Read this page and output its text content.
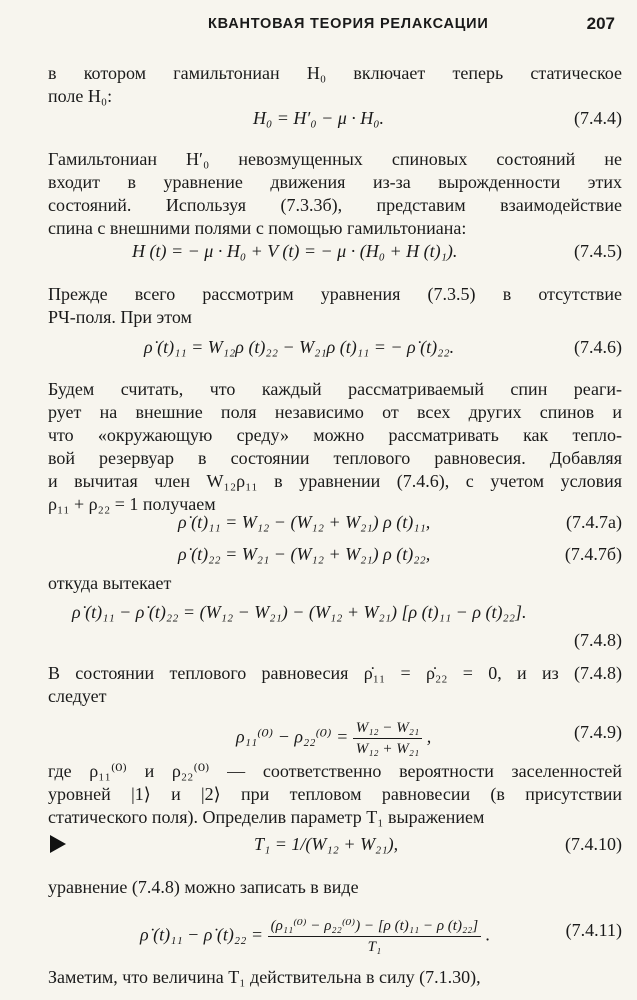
КВАНТОВАЯ ТЕОРИЯ РЕЛАКСАЦИИ	207
в котором гамильтониан H₀ включает теперь статическое
поле H₀:
H₀ = H′₀ − μ · H₀.	(7.4.4)
Гамильтониан H′₀ невозмущенных спиновых состояний не
входит в уравнение движения из-за вырожденности этих
состояний. Используя (7.3.3б), представим взаимодействие
спина с внешними полями с помощью гамильтониана:
H (t) = − μ · H₀ + V (t) = − μ · (H₀ + H (t)₁).	(7.4.5)
Прежде всего рассмотрим уравнения (7.3.5) в отсутствие
РЧ-поля. При этом
ρ̇ (t)₁₁ = W₁₂ρ (t)₂₂ − W₂₁ρ (t)₁₁ = − ρ̇ (t)₂₂.	(7.4.6)
Будем считать, что каждый рассматриваемый спин реаги-
рует на внешние поля независимо от всех других спинов и
что «окружающую среду» можно рассматривать как тепло-
вой резервуар в состоянии теплового равновесия. Добавляя
и вычитая член W₁₂ρ₁₁ в уравнении (7.4.6), с учетом условия
ρ₁₁ + ρ₂₂ = 1 получаем
ρ̇ (t)₁₁ = W₁₂ − (W₁₂ + W₂₁) ρ (t)₁₁,	(7.4.7а)
ρ̇ (t)₂₂ = W₂₁ − (W₁₂ + W₂₁) ρ (t)₂₂,	(7.4.7б)
откуда вытекает
ρ̇ (t)₁₁ − ρ̇ (t)₂₂ = (W₁₂ − W₂₁) − (W₁₂ + W₂₁) [ρ (t)₁₁ − ρ (t)₂₂].
(7.4.8)
В состоянии теплового равновесия ρ̇₁₁ = ρ̇₂₂ = 0, и из (7.4.8)
следует
$\rho_{11}^{(0)} - \rho_{22}^{(0)} = \frac{\text{W₁₂ − W₂₁}}{\text{W₁₂ + W₂₁}}$ ,	(7.4.9)
где ρ₁₁⁽⁰⁾ и ρ₂₂⁽⁰⁾ — соответственно вероятности заселенностей
уровней |1⟩ и |2⟩ при тепловом равновесии (в присутствии
статического поля). Определив параметр T₁ выражением
T₁ = 1/(W₁₂ + W₂₁),	(7.4.10)
уравнение (7.4.8) можно записать в виде
ρ̇ (t)₁₁ − ρ̇ $(t)_{22} = \frac{\text{(ρ₁₁⁽⁰⁾ − ρ₂₂⁽⁰⁾) − [ρ (t)₁₁ − ρ (t)₂₂]}}{\text{T₁}}$ .	(7.4.11)
Заметим, что величина T₁ действительна в силу (7.1.30),
